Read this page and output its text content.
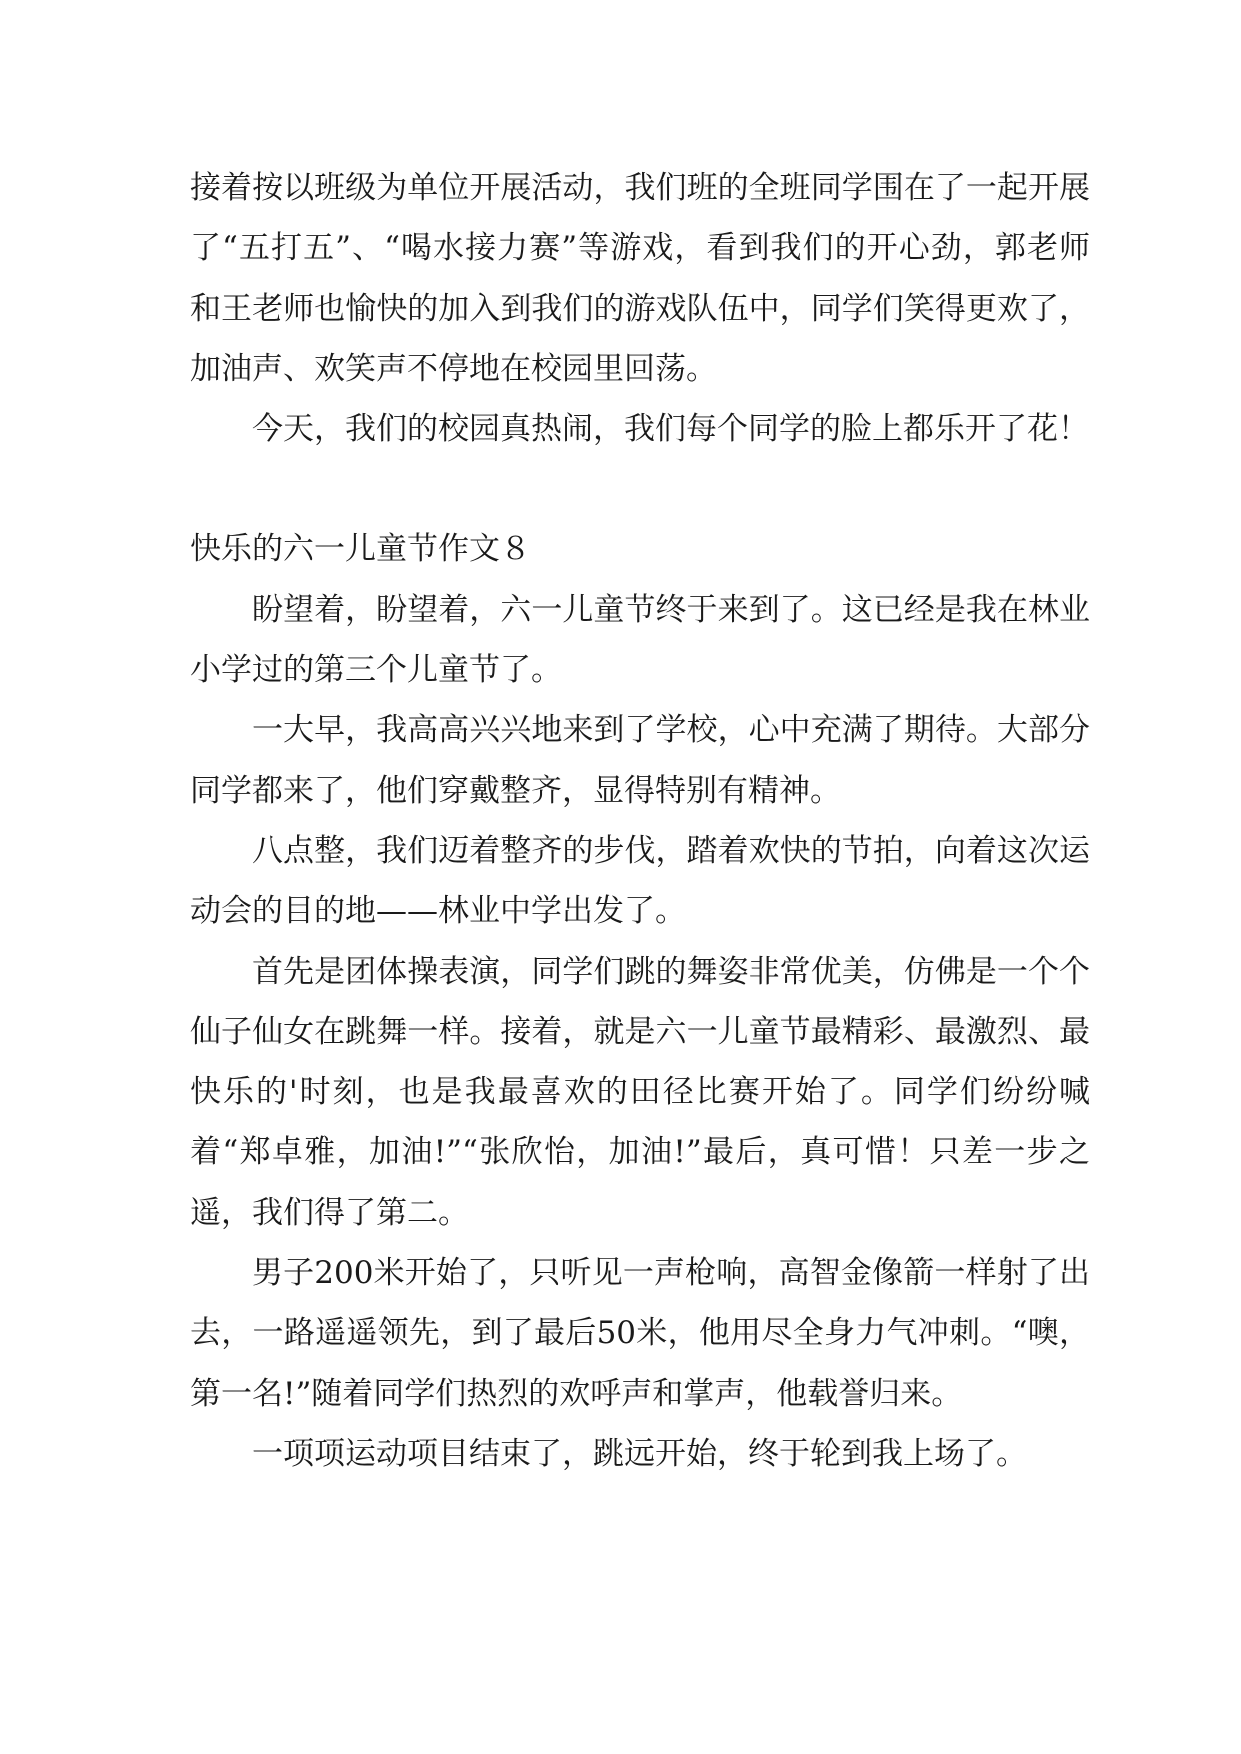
接着按以班级为单位开展活动，我们班的全班同学围在了一起开展了“五打五”、“喝水接力赛”等游戏，看到我们的开心劲，郭老师和王老师也愉快的加入到我们的游戏队伍中，同学们笑得更欢了，加油声、欢笑声不停地在校园里回荡。

今天，我们的校园真热闹，我们每个同学的脸上都乐开了花！

快乐的六一儿童节作文８

盼望着，盼望着，六一儿童节终于来到了。这已经是我在林业小学过的第三个儿童节了。

一大早，我高高兴兴地来到了学校，心中充满了期待。大部分同学都来了，他们穿戴整齐，显得特别有精神。

八点整，我们迈着整齐的步伐，踏着欢快的节拍，向着这次运动会的目的地——林业中学出发了。

首先是团体操表演，同学们跳的舞姿非常优美，仿佛是一个个仙子仙女在跳舞一样。接着，就是六一儿童节最精彩、最激烈、最快乐的'时刻，也是我最喜欢的田径比赛开始了。同学们纷纷喊着“郑卓雅，加油!”“张欣怡，加油!”最后，真可惜！只差一步之遥，我们得了第二。

男子200米开始了，只听见一声枪响，高智金像箭一样射了出去，一路遥遥领先，到了最后50米，他用尽全身力气冲刺。“噢，第一名!”随着同学们热烈的欢呼声和掌声，他载誉归来。

一项项运动项目结束了，跳远开始，终于轮到我上场了。
